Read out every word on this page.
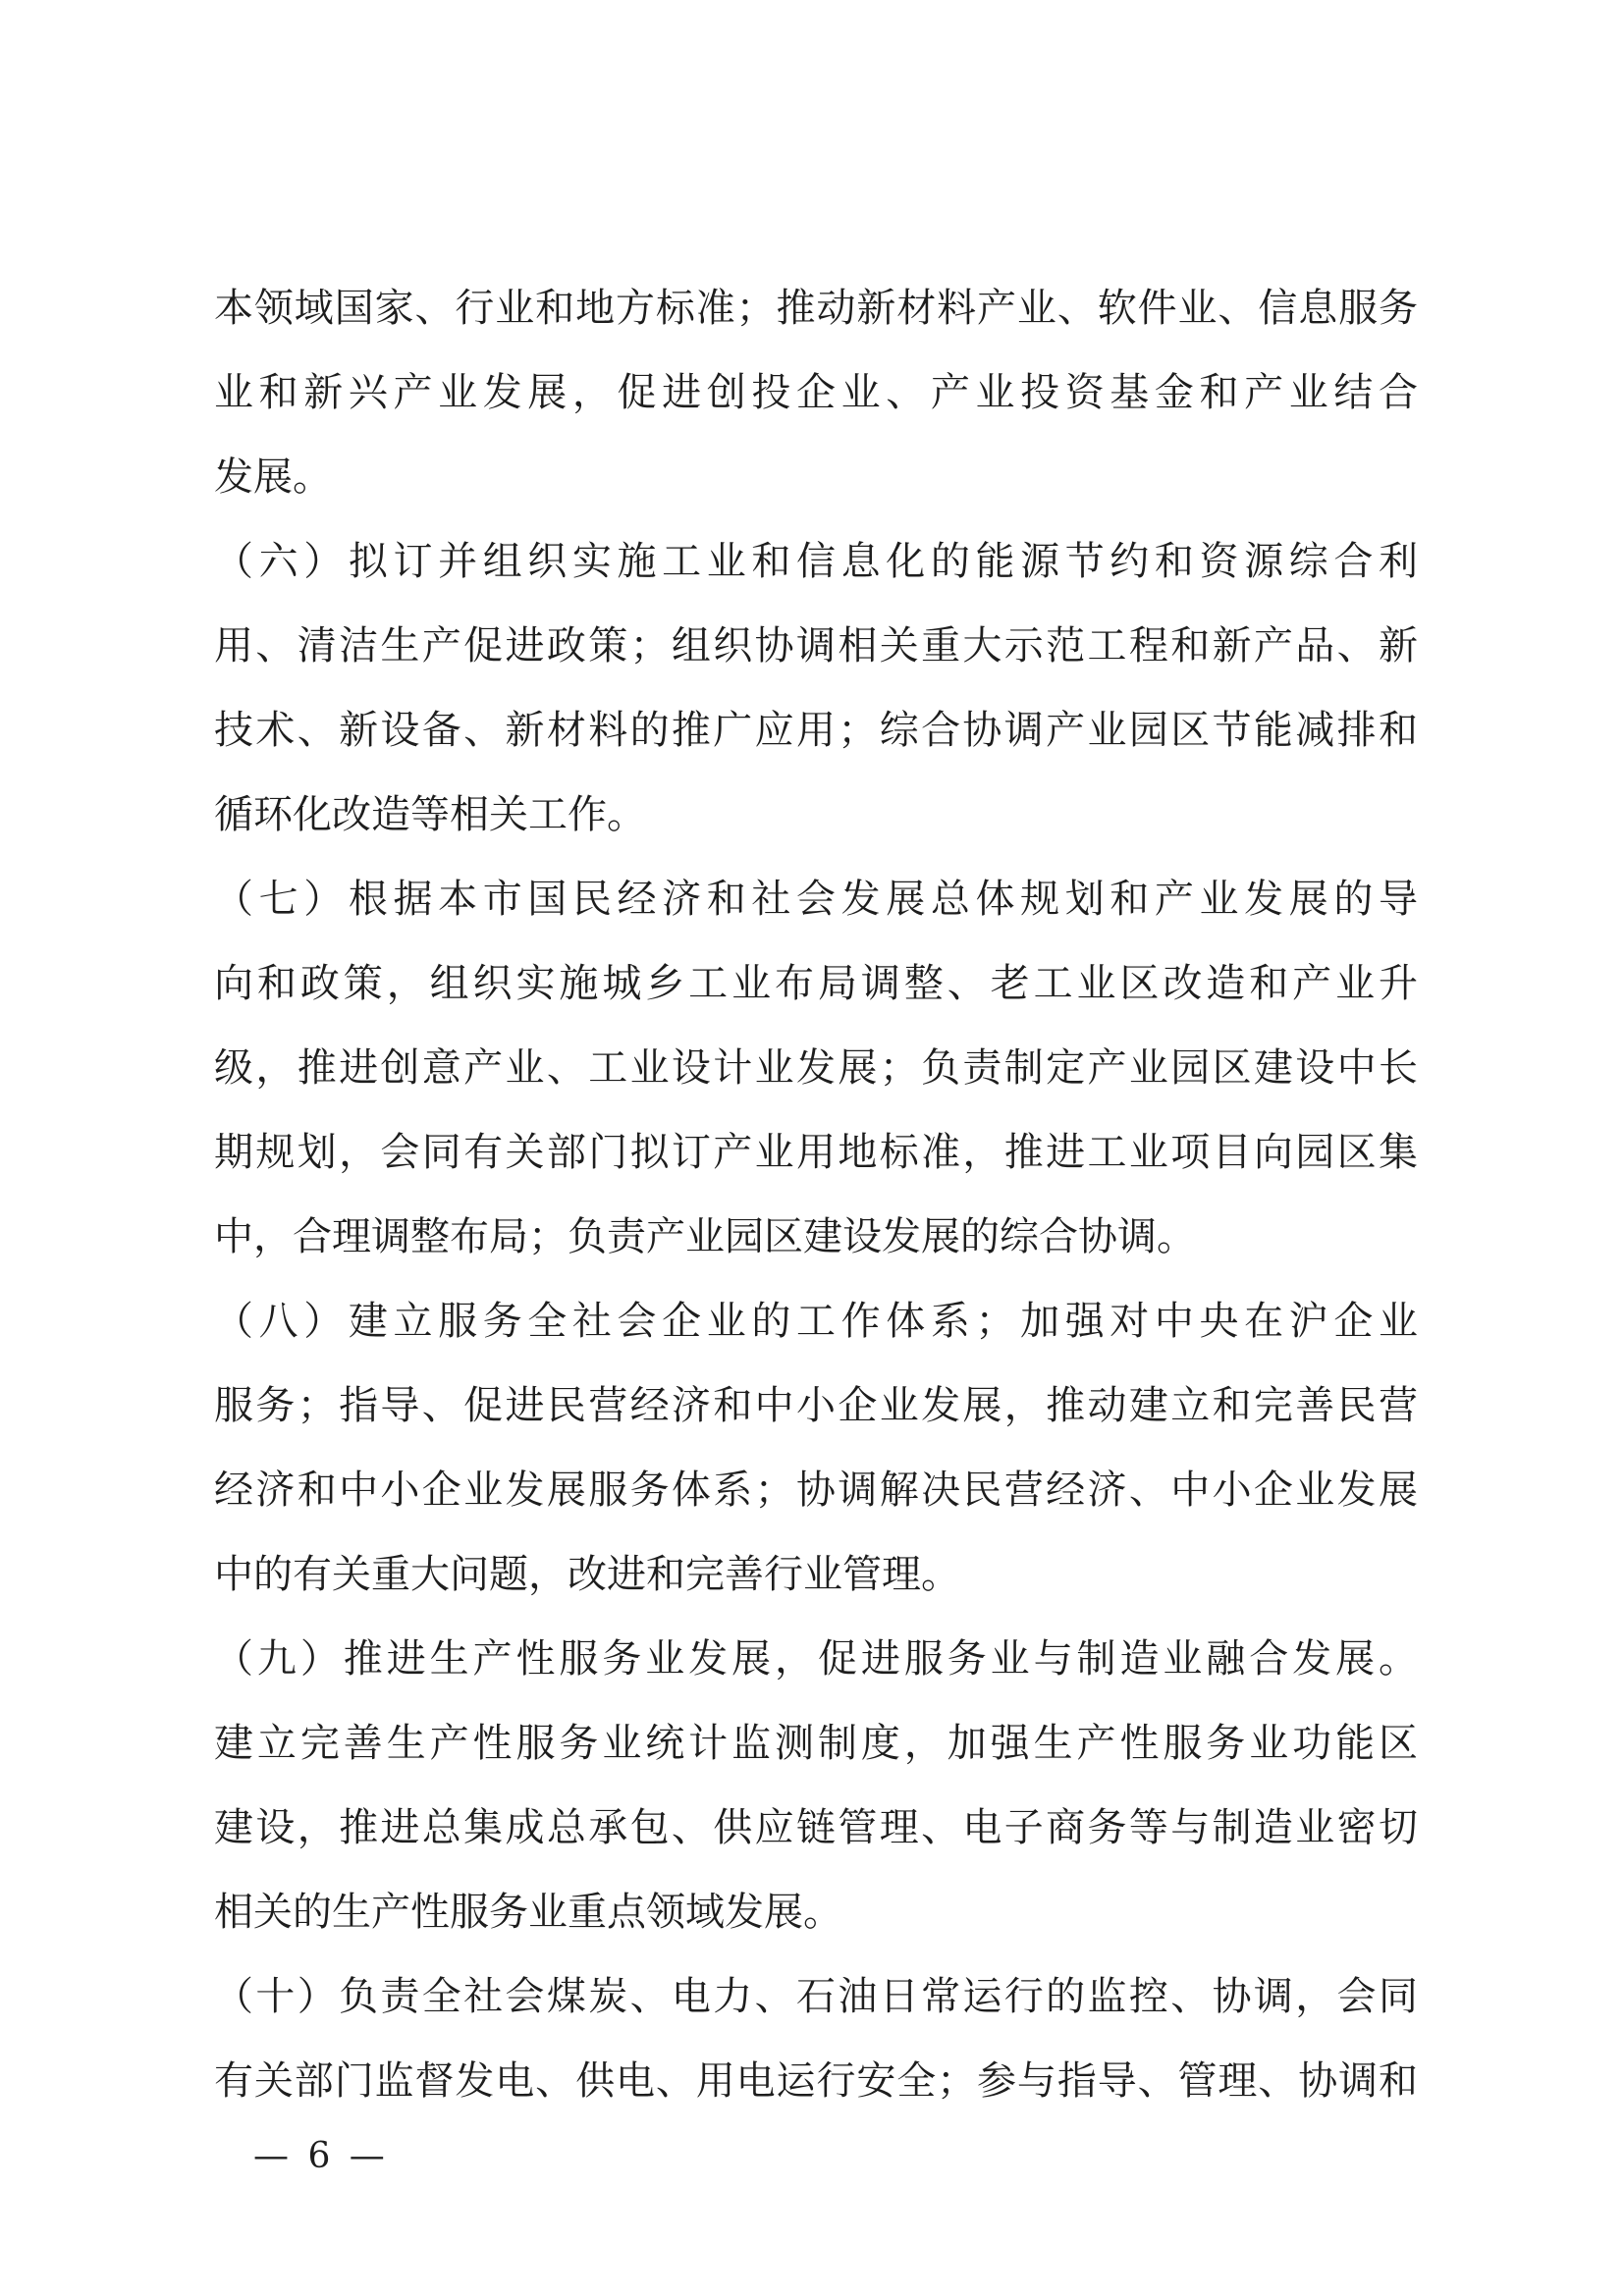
本领域国家、行业和地方标准；推动新材料产业、软件业、信息服务
业和新兴产业发展，促进创投企业、产业投资基金和产业结合
发展。
（六）拟订并组织实施工业和信息化的能源节约和资源综合利
用、清洁生产促进政策；组织协调相关重大示范工程和新产品、新
技术、新设备、新材料的推广应用；综合协调产业园区节能减排和
循环化改造等相关工作。
（七）根据本市国民经济和社会发展总体规划和产业发展的导
向和政策，组织实施城乡工业布局调整、老工业区改造和产业升
级，推进创意产业、工业设计业发展；负责制定产业园区建设中长
期规划，会同有关部门拟订产业用地标准，推进工业项目向园区集
中，合理调整布局；负责产业园区建设发展的综合协调。
（八）建立服务全社会企业的工作体系；加强对中央在沪企业
服务；指导、促进民营经济和中小企业发展，推动建立和完善民营
经济和中小企业发展服务体系；协调解决民营经济、中小企业发展
中的有关重大问题，改进和完善行业管理。
（九）推进生产性服务业发展，促进服务业与制造业融合发展。
建立完善生产性服务业统计监测制度，加强生产性服务业功能区
建设，推进总集成总承包、供应链管理、电子商务等与制造业密切
相关的生产性服务业重点领域发展。
（十）负责全社会煤炭、电力、石油日常运行的监控、协调，会同
有关部门监督发电、供电、用电运行安全；参与指导、管理、协调和
— 6 —
